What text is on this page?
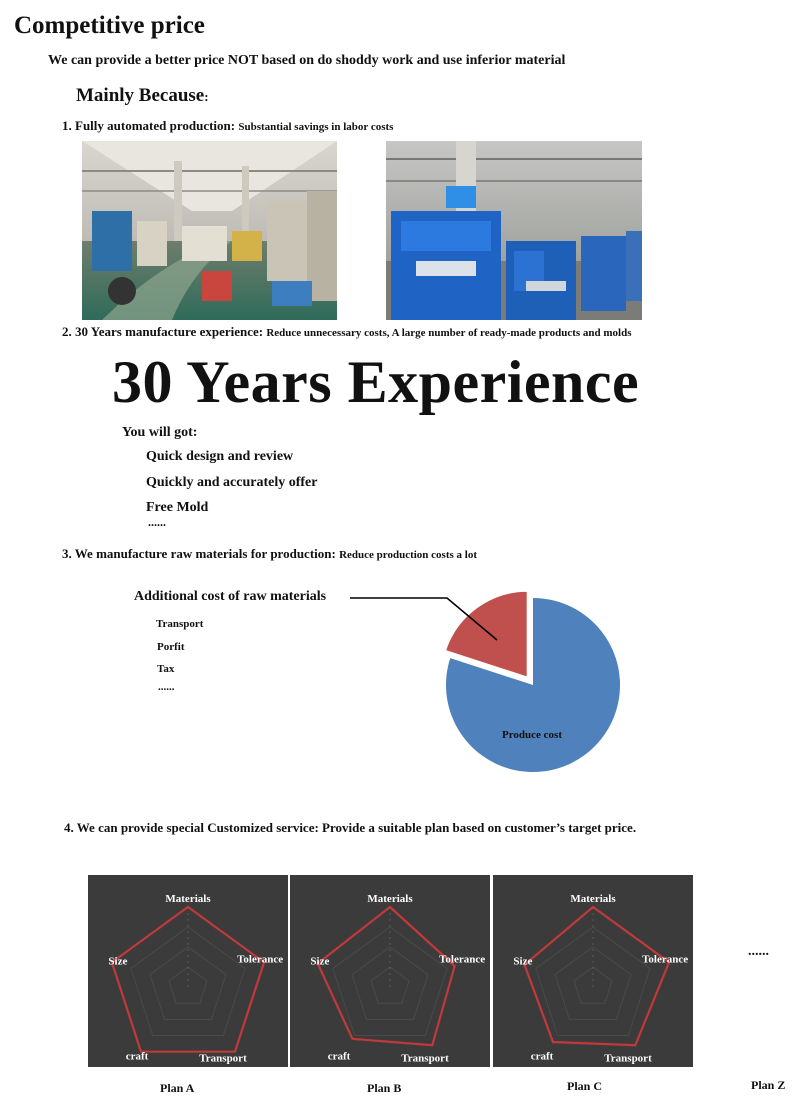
Competitive price
We can provide a better price NOT based on do shoddy work and use inferior material
Mainly Because:
1. Fully automated production: Substantial savings in labor costs
2. 30 Years manufacture experience: Reduce unnecessary costs, A large number of ready-made products and molds
30 Years Experience
You will got:
Quick design and review
Quickly and accurately offer
Free Mold
......
3. We manufacture raw materials for production: Reduce production costs a lot
Additional cost of raw materials
Transport
Porfit
Tax
......
Produce cost
4. We can provide special Customized service: Provide a suitable plan based on customer’s target price.
Materials
Tolerance
Transport
craft
Size
Materials
Tolerance
Transport
craft
Size
Materials
Tolerance
Transport
craft
Size
......
Plan A	Plan B	Plan C	Plan Z
